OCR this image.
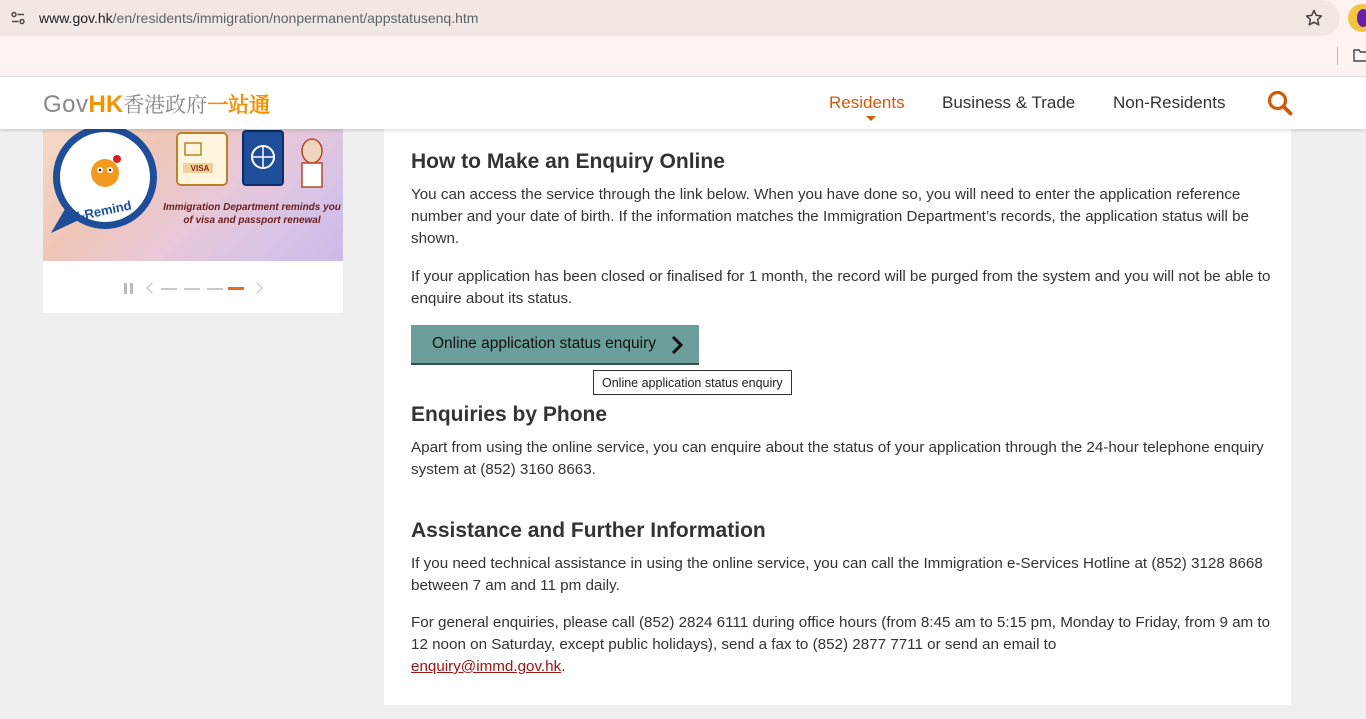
www.gov.hk/en/residents/immigration/nonpermanent/appstatusenq.htm
GovHK香港政府一站通	Residents Business & Trade Non-Residents
I-Remind
VISA
Immigration Department reminds you
of visa and passport renewal
How to Make an Enquiry Online

You can access the service through the link below. When you have done so, you will need to enter the application reference number and your date of birth. If the information matches the Immigration Department’s records, the application status will be shown.

If your application has been closed or finalised for 1 month, the record will be purged from the system and you will not be able to enquire about its status.

Online application status enquiry
Enquiries by Phone

Apart from using the online service, you can enquire about the status of your application through the 24-hour telephone enquiry system at (852) 3160 8663.

Assistance and Further Information

If you need technical assistance in using the online service, you can call the Immigration e-Services Hotline at (852) 3128 8668 between 7 am and 11 pm daily.

For general enquiries, please call (852) 2824 6111 during office hours (from 8:45 am to 5:15 pm, Monday to Friday, from 9 am to 12 noon on Saturday, except public holidays), send a fax to (852) 2877 7711 or send an email to
enquiry@immd.gov.hk.

Online application status enquiry
